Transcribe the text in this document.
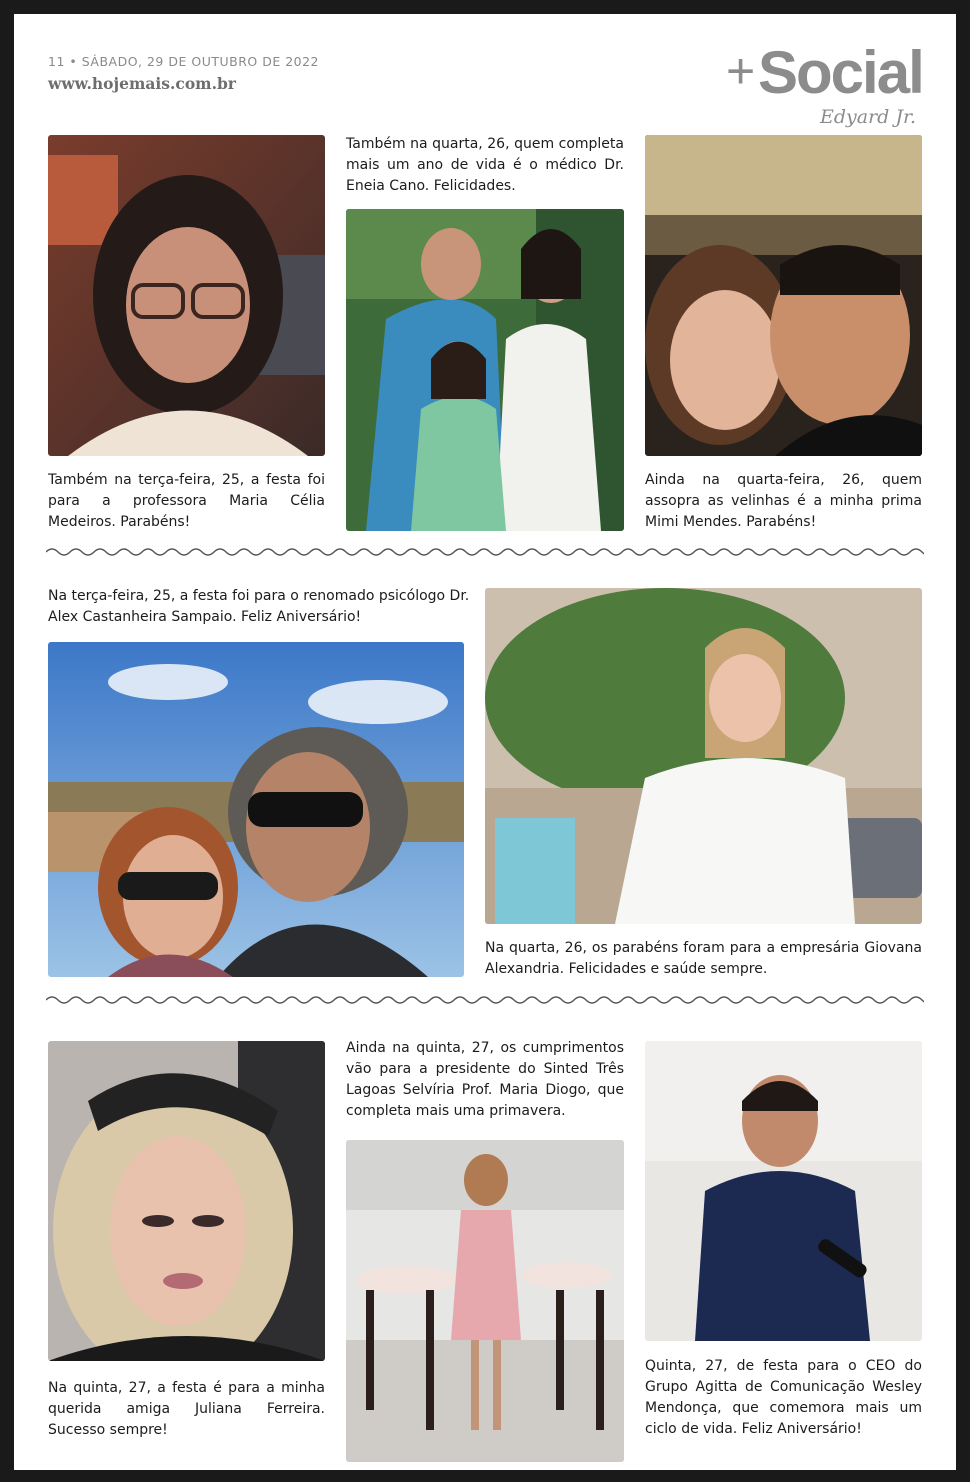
11 • SÁBADO, 29 DE OUTUBRO DE 2022
www.hojemais.com.br	+ Social
Edyard Jr.
Também na terça-feira, 25, a festa foi para a professora Maria Célia Medeiros. Parabéns!
Também na quarta, 26, quem completa mais um ano de vida é o médico Dr. Eneia Cano. Felicidades.
Ainda na quarta-feira, 26, quem assopra as velinhas é a minha prima Mimi Mendes. Parabéns!
Na terça-feira, 25, a festa foi para o renomado psicólogo Dr. Alex Castanheira Sampaio. Feliz Aniversário!
Na quarta, 26, os parabéns foram para a empresária Giovana Alexandria. Felicidades e saúde sempre.
Na quinta, 27, a festa é para a minha querida amiga Juliana Ferreira. Sucesso sempre!
Ainda na quinta, 27, os cumprimentos vão para a presidente do Sinted Três Lagoas Selvíria Prof. Maria Diogo, que completa mais uma primavera.
Quinta, 27, de festa para o CEO do Grupo Agitta de Comunicação Wesley Mendonça, que comemora mais um ciclo de vida. Feliz Aniversário!
